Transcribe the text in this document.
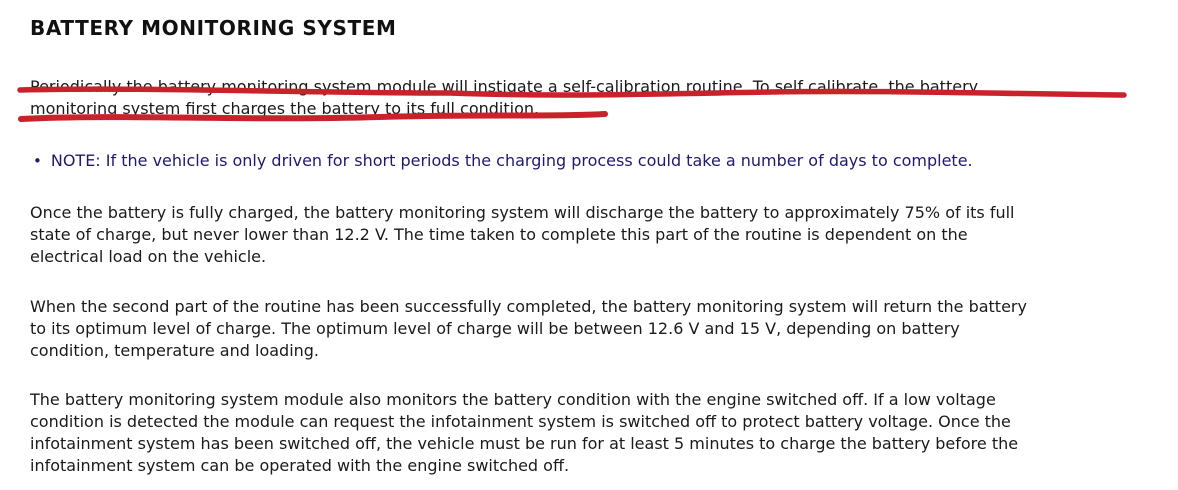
BATTERY MONITORING SYSTEM
Periodically the battery monitoring system module will instigate a self-calibration routine. To self calibrate, the battery
monitoring system first charges the battery to its full condition.
• NOTE: If the vehicle is only driven for short periods the charging process could take a number of days to complete.
Once the battery is fully charged, the battery monitoring system will discharge the battery to approximately 75% of its full
state of charge, but never lower than 12.2 V. The time taken to complete this part of the routine is dependent on the
electrical load on the vehicle.
When the second part of the routine has been successfully completed, the battery monitoring system will return the battery
to its optimum level of charge. The optimum level of charge will be between 12.6 V and 15 V, depending on battery
condition, temperature and loading.
The battery monitoring system module also monitors the battery condition with the engine switched off. If a low voltage
condition is detected the module can request the infotainment system is switched off to protect battery voltage. Once the
infotainment system has been switched off, the vehicle must be run for at least 5 minutes to charge the battery before the
infotainment system can be operated with the engine switched off.
